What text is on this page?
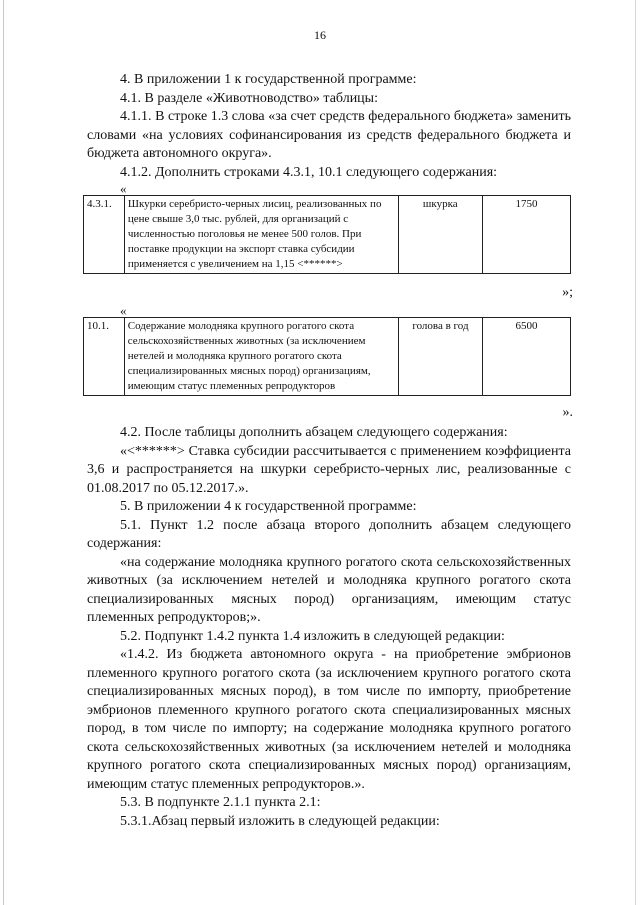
16

4. В приложении 1 к государственной программе:

4.1. В разделе «Животноводство» таблицы:

4.1.1. В строке 1.3 слова «за счет средств федерального бюджета» заменить словами «на условиях софинансирования из средств федерального бюджета и бюджета автономного округа».

4.1.2. Дополнить строками 4.3.1, 10.1 следующего содержания:

«

4.3.1.	Шкурки серебристо-черных лисиц, реализованных по цене свыше 3,0 тыс. рублей, для организаций с численностью поголовья не менее 500 голов. При поставке продукции на экспорт ставка субсидии применяется с увеличением на 1,15 <******>	шкурка	1750

»;

«

10.1.	Содержание молодняка крупного рогатого скота сельскохозяйственных животных (за исключением нетелей и молодняка крупного рогатого скота специализированных мясных пород) организациям, имеющим статус племенных репродукторов	голова в год	6500

».

4.2. После таблицы дополнить абзацем следующего содержания:

«<******> Ставка субсидии рассчитывается с применением коэффициента 3,6 и распространяется на шкурки серебристо-черных лис, реализованные с 01.08.2017 по 05.12.2017.».

5. В приложении 4 к государственной программе:

5.1. Пункт 1.2 после абзаца второго дополнить абзацем следующего содержания:

«на содержание молодняка крупного рогатого скота сельскохозяйственных животных (за исключением нетелей и молодняка крупного рогатого скота специализированных мясных пород) организациям, имеющим статус племенных репродукторов;».

5.2. Подпункт 1.4.2 пункта 1.4 изложить в следующей редакции:

«1.4.2. Из бюджета автономного округа - на приобретение эмбрионов племенного крупного рогатого скота (за исключением крупного рогатого скота специализированных мясных пород), в том числе по импорту, приобретение эмбрионов племенного крупного рогатого скота специализированных мясных пород, в том числе по импорту; на содержание молодняка крупного рогатого скота сельскохозяйственных животных (за исключением нетелей и молодняка крупного рогатого скота специализированных мясных пород) организациям, имеющим статус племенных репродукторов.».

5.3. В подпункте 2.1.1 пункта 2.1:

5.3.1.Абзац первый изложить в следующей редакции:
